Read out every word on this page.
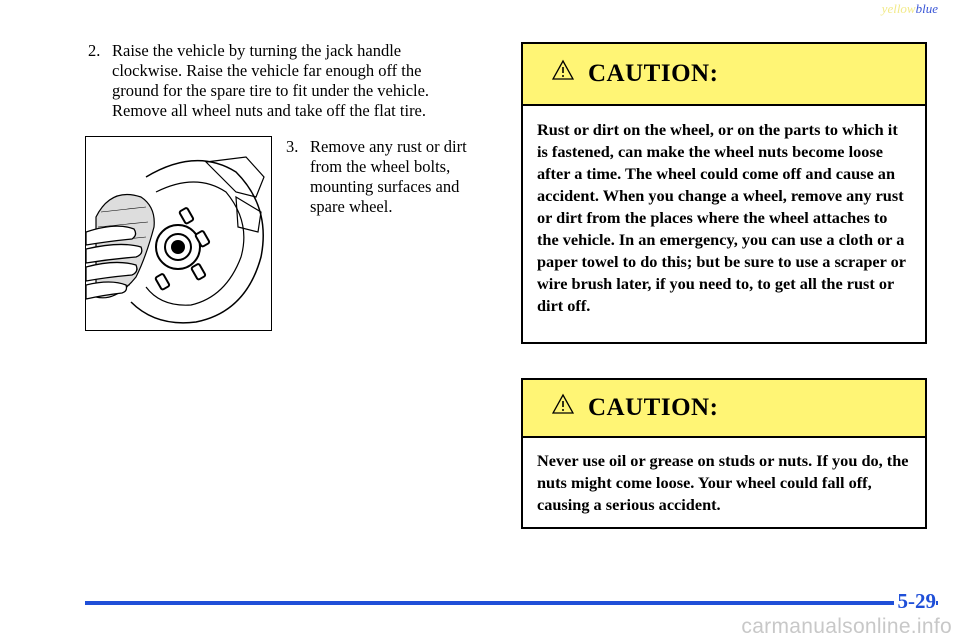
yellowblue
2. Raise the vehicle by turning the jack handle clockwise. Raise the vehicle far enough off the ground for the spare tire to fit under the vehicle. Remove all wheel nuts and take off the flat tire.
3. Remove any rust or dirt from the wheel bolts, mounting surfaces and spare wheel.
CAUTION:
Rust or dirt on the wheel, or on the parts to which it is fastened, can make the wheel nuts become loose after a time. The wheel could come off and cause an accident. When you change a wheel, remove any rust or dirt from the places where the wheel attaches to the vehicle. In an emergency, you can use a cloth or a paper towel to do this; but be sure to use a scraper or wire brush later, if you need to, to get all the rust or dirt off.
CAUTION:
Never use oil or grease on studs or nuts. If you do, the nuts might come loose. Your wheel could fall off, causing a serious accident.
5-29
carmanualsonline.info
